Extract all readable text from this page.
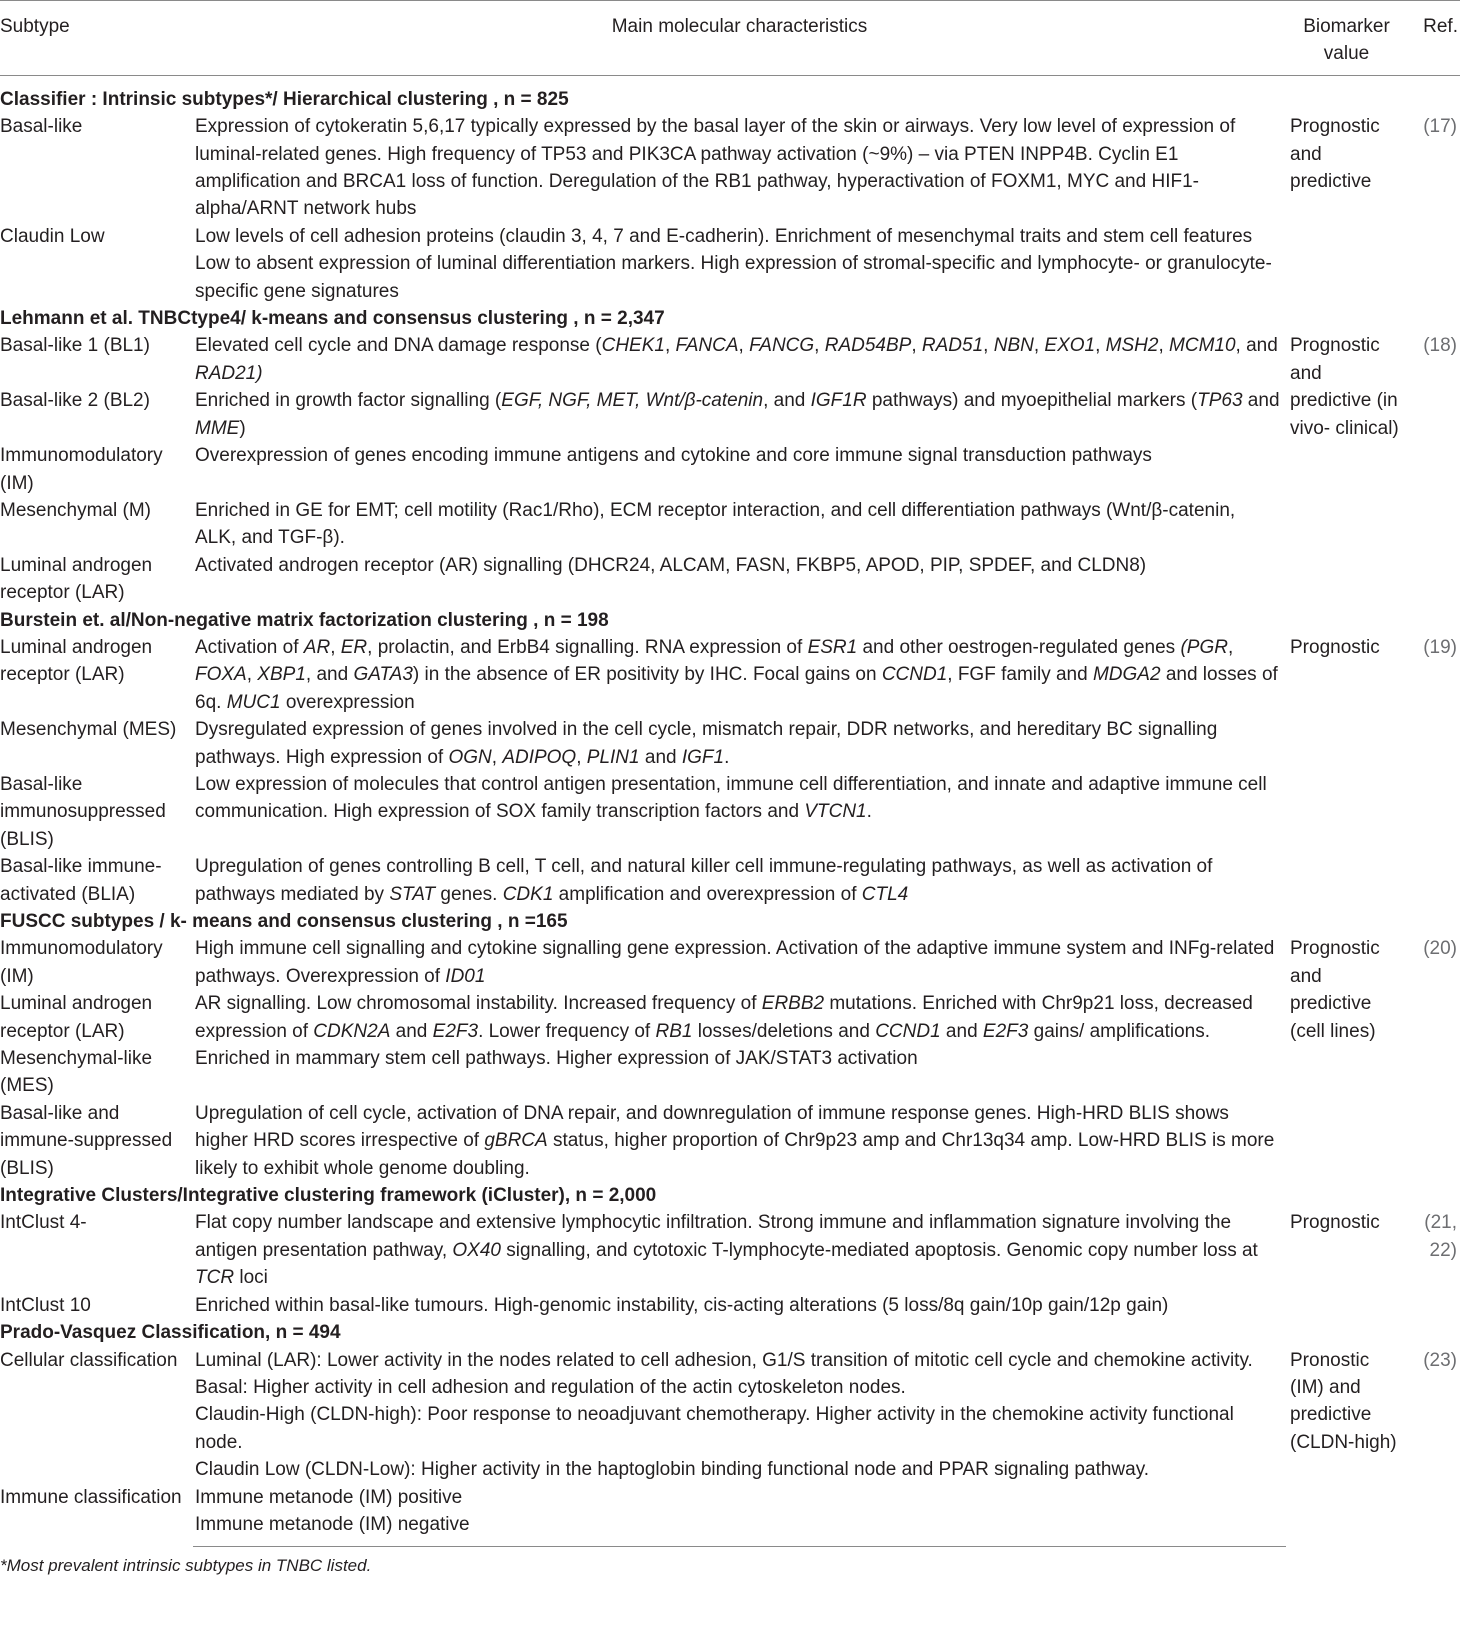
Subtype	Main molecular characteristics	Biomarker value	Ref.
Classifier : Intrinsic subtypes*/ Hierarchical clustering , n = 825			
Basal-like	Expression of cytokeratin 5,6,17 typically expressed by the basal layer of the skin or airways. Very low level of expression of luminal-related genes. High frequency of TP53 and PIK3CA pathway activation (~9%) – via PTEN INPP4B. Cyclin E1 amplification and BRCA1 loss of function. Deregulation of the RB1 pathway, hyperactivation of FOXM1, MYC and HIF1-alpha/ARNT network hubs	Prognostic and predictive	(17)
Claudin Low	Low levels of cell adhesion proteins (claudin 3, 4, 7 and E-cadherin). Enrichment of mesenchymal traits and stem cell features Low to absent expression of luminal differentiation markers. High expression of stromal-specific and lymphocyte- or granulocyte-specific gene signatures		
Lehmann et al. TNBCtype4/ k-means and consensus clustering , n = 2,347			
Basal-like 1 (BL1)	Elevated cell cycle and DNA damage response (CHEK1, FANCA, FANCG, RAD54BP, RAD51, NBN, EXO1, MSH2, MCM10, and RAD21)	Prognostic and predictive (in vivo- clinical)	(18)
Basal-like 2 (BL2)	Enriched in growth factor signalling (EGF, NGF, MET, Wnt/β-catenin, and IGF1R pathways) and myoepithelial markers (TP63 and MME)		
Immunomodulatory (IM)	Overexpression of genes encoding immune antigens and cytokine and core immune signal transduction pathways		
Mesenchymal (M)	Enriched in GE for EMT; cell motility (Rac1/Rho), ECM receptor interaction, and cell differentiation pathways (Wnt/β-catenin, ALK, and TGF-β).		
Luminal androgen receptor (LAR)	Activated androgen receptor (AR) signalling (DHCR24, ALCAM, FASN, FKBP5, APOD, PIP, SPDEF, and CLDN8)		
Burstein et. al/Non-negative matrix factorization clustering , n = 198			
Luminal androgen receptor (LAR)	Activation of AR, ER, prolactin, and ErbB4 signalling. RNA expression of ESR1 and other oestrogen-regulated genes (PGR, FOXA, XBP1, and GATA3) in the absence of ER positivity by IHC. Focal gains on CCND1, FGF family and MDGA2 and losses of 6q. MUC1 overexpression	Prognostic	(19)
Mesenchymal (MES)	Dysregulated expression of genes involved in the cell cycle, mismatch repair, DDR networks, and hereditary BC signalling pathways. High expression of OGN, ADIPOQ, PLIN1 and IGF1.		
Basal-like immunosuppressed (BLIS)	Low expression of molecules that control antigen presentation, immune cell differentiation, and innate and adaptive immune cell communication. High expression of SOX family transcription factors and VTCN1.		
Basal-like immune-activated (BLIA)	Upregulation of genes controlling B cell, T cell, and natural killer cell immune-regulating pathways, as well as activation of pathways mediated by STAT genes. CDK1 amplification and overexpression of CTL4		
FUSCC subtypes / k- means and consensus clustering , n =165			
Immunomodulatory (IM)	High immune cell signalling and cytokine signalling gene expression. Activation of the adaptive immune system and INFg-related pathways. Overexpression of ID01	Prognostic and predictive (cell lines)	(20)
Luminal androgen receptor (LAR)	AR signalling. Low chromosomal instability. Increased frequency of ERBB2 mutations. Enriched with Chr9p21 loss, decreased expression of CDKN2A and E2F3. Lower frequency of RB1 losses/deletions and CCND1 and E2F3 gains/ amplifications.		
Mesenchymal-like (MES)	Enriched in mammary stem cell pathways. Higher expression of JAK/STAT3 activation		
Basal-like and immune-suppressed (BLIS)	Upregulation of cell cycle, activation of DNA repair, and downregulation of immune response genes. High-HRD BLIS shows higher HRD scores irrespective of gBRCA status, higher proportion of Chr9p23 amp and Chr13q34 amp. Low-HRD BLIS is more likely to exhibit whole genome doubling.		
Integrative Clusters/Integrative clustering framework (iCluster), n = 2,000			
IntClust 4-	Flat copy number landscape and extensive lymphocytic infiltration. Strong immune and inflammation signature involving the antigen presentation pathway, OX40 signalling, and cytotoxic T-lymphocyte-mediated apoptosis. Genomic copy number loss at TCR loci	Prognostic	(21, 22)
IntClust 10	Enriched within basal-like tumours. High-genomic instability, cis-acting alterations (5 loss/8q gain/10p gain/12p gain)		
Prado-Vasquez Classification, n = 494			
Cellular classification	Luminal (LAR): Lower activity in the nodes related to cell adhesion, G1/S transition of mitotic cell cycle and chemokine activity.	Pronostic (IM) and predictive (CLDN-high)	(23)
	Basal: Higher activity in cell adhesion and regulation of the actin cytoskeleton nodes.		
	Claudin-High (CLDN-high): Poor response to neoadjuvant chemotherapy. Higher activity in the chemokine activity functional node.		
	Claudin Low (CLDN-Low): Higher activity in the haptoglobin binding functional node and PPAR signaling pathway.		
Immune classification	Immune metanode (IM) positive		
	Immune metanode (IM) negative		
*Most prevalent intrinsic subtypes in TNBC listed.
